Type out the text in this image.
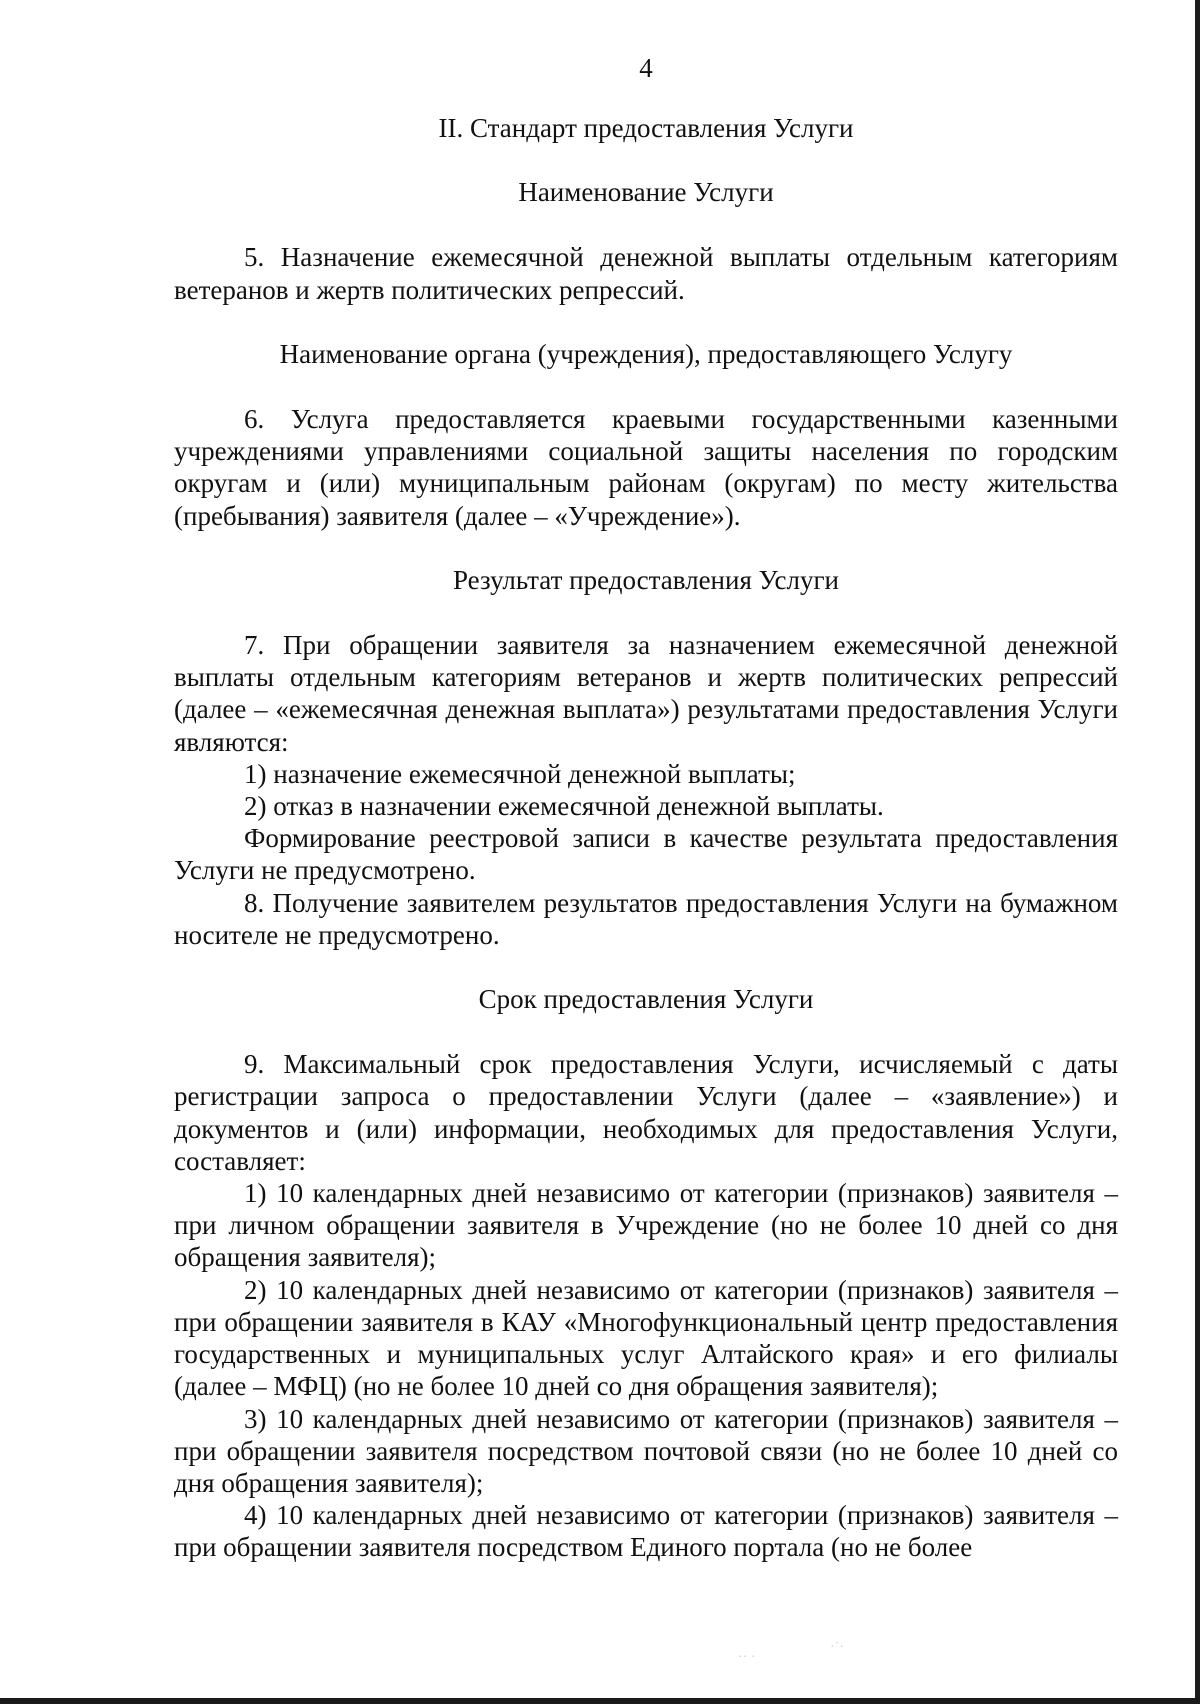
4
II. Стандарт предоставления Услуги
Наименование Услуги

5. Назначение ежемесячной денежной выплаты отдельным категориям ветеранов и жертв политических репрессий.

Наименование органа (учреждения), предоставляющего Услугу

6. Услуга предоставляется краевыми государственными казенными учреждениями управлениями социальной защиты населения по городским округам и (или) муниципальным районам (округам) по месту жительства (пребывания) заявителя (далее – «Учреждение»).

Результат предоставления Услуги

7. При обращении заявителя за назначением ежемесячной денежной выплаты отдельным категориям ветеранов и жертв политических репрессий (далее – «ежемесячная денежная выплата») результатами предоставления Услуги являются:

1) назначение ежемесячной денежной выплаты;

2) отказ в назначении ежемесячной денежной выплаты.

Формирование реестровой записи в качестве результата предоставления Услуги не предусмотрено.

8. Получение заявителем результатов предоставления Услуги на бумажном носителе не предусмотрено.

Срок предоставления Услуги

9. Максимальный срок предоставления Услуги, исчисляемый с даты регистрации запроса о предоставлении Услуги (далее – «заявление») и документов и (или) информации, необходимых для предоставления Услуги, составляет:

1) 10 календарных дней независимо от категории (признаков) заявителя – при личном обращении заявителя в Учреждение (но не более 10 дней со дня обращения заявителя);

2) 10 календарных дней независимо от категории (признаков) заявителя – при обращении заявителя в КАУ «Многофункциональный центр предоставления государственных и муниципальных услуг Алтайского края» и его филиалы (далее – МФЦ) (но не более 10 дней со дня обращения заявителя);

3) 10 календарных дней независимо от категории (признаков) заявителя – при обращении заявителя посредством почтовой связи (но не более 10 дней со дня обращения заявителя);

4) 10 календарных дней независимо от категории (признаков) заявителя – при обращении заявителя посредством Единого портала (но не более

·· ·
·˙·
